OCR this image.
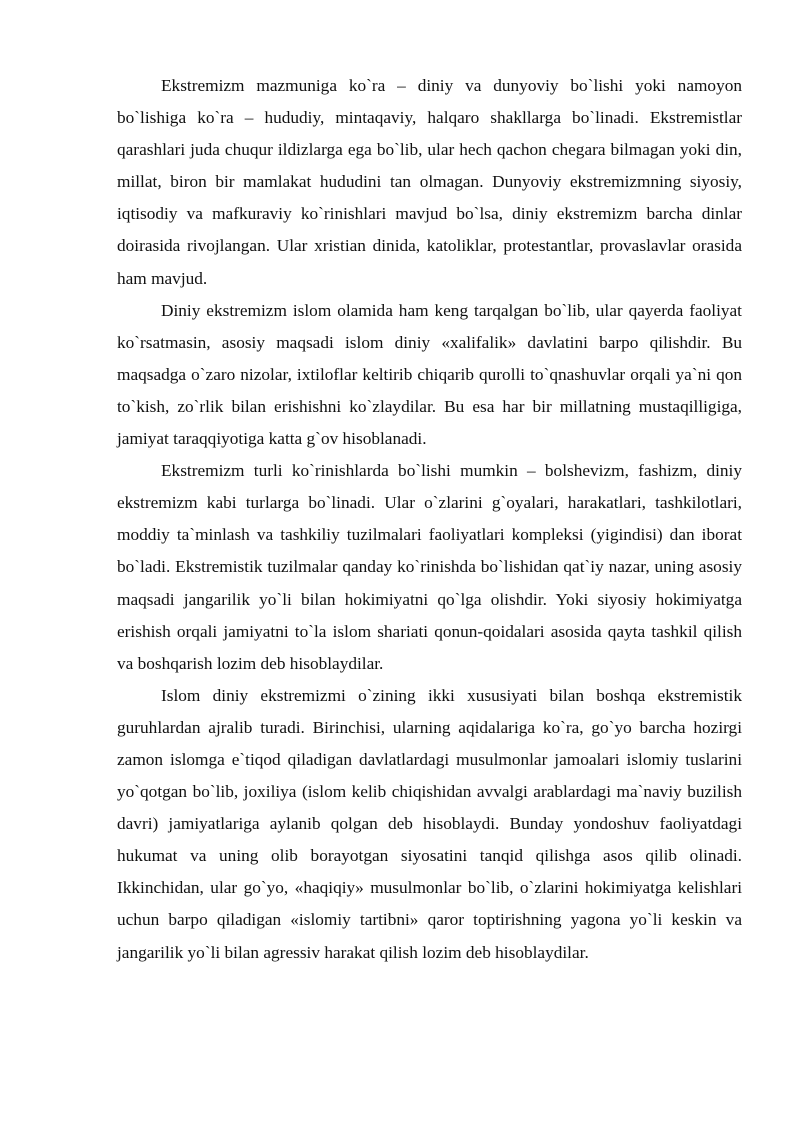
Ekstremizm mazmuniga ko`ra – diniy va dunyoviy bo`lishi yoki namoyon bo`lishiga ko`ra – hududiy, mintaqaviy, halqaro shakllarga bo`linadi. Ekstremistlar qarashlari juda chuqur ildizlarga ega bo`lib, ular hech qachon chegara bilmagan yoki din, millat, biron bir mamlakat hududini tan olmagan. Dunyoviy ekstremizmning siyosiy, iqtisodiy va mafkuraviy ko`rinishlari mavjud bo`lsa, diniy ekstremizm barcha dinlar doirasida rivojlangan. Ular xristian dinida, katoliklar, protestantlar, provaslavlar orasida ham mavjud.

Diniy ekstremizm islom olamida ham keng tarqalgan bo`lib, ular qayerda faoliyat ko`rsatmasin, asosiy maqsadi islom diniy «xalifalik» davlatini barpo qilishdir. Bu maqsadga o`zaro nizolar, ixtiloflar keltirib chiqarib qurolli to`qnashuvlar orqali ya`ni qon to`kish, zo`rlik bilan erishishni ko`zlaydilar. Bu esa har bir millatning mustaqilligiga, jamiyat taraqqiyotiga katta g`ov hisoblanadi.

Ekstremizm turli ko`rinishlarda bo`lishi mumkin – bolshevizm, fashizm, diniy ekstremizm kabi turlarga bo`linadi. Ular o`zlarini g`oyalari, harakatlari, tashkilotlari, moddiy ta`minlash va tashkiliy tuzilmalari faoliyatlari kompleksi (yigindisi) dan iborat bo`ladi. Ekstremistik tuzilmalar qanday ko`rinishda bo`lishidan qat`iy nazar, uning asosiy maqsadi jangarilik yo`li bilan hokimiyatni qo`lga olishdir. Yoki siyosiy hokimiyatga erishish orqali jamiyatni to`la islom shariati qonun-qoidalari asosida qayta tashkil qilish va boshqarish lozim deb hisoblaydilar.

Islom diniy ekstremizmi o`zining ikki xususiyati bilan boshqa ekstremistik guruhlardan ajralib turadi. Birinchisi, ularning aqidalariga ko`ra, go`yo barcha hozirgi zamon islomga e`tiqod qiladigan davlatlardagi musulmonlar jamoalari islomiy tuslarini yo`qotgan bo`lib, joxiliya (islom kelib chiqishidan avvalgi arablardagi ma`naviy buzilish davri) jamiyatlariga aylanib qolgan deb hisoblaydi. Bunday yondoshuv faoliyatdagi hukumat va uning olib borayotgan siyosatini tanqid qilishga asos qilib olinadi. Ikkinchidan, ular go`yo, «haqiqiy» musulmonlar bo`lib, o`zlarini hokimiyatga kelishlari uchun barpo qiladigan «islomiy tartibni» qaror toptirishning yagona yo`li keskin va jangarilik yo`li bilan agressiv harakat qilish lozim deb hisoblaydilar.
